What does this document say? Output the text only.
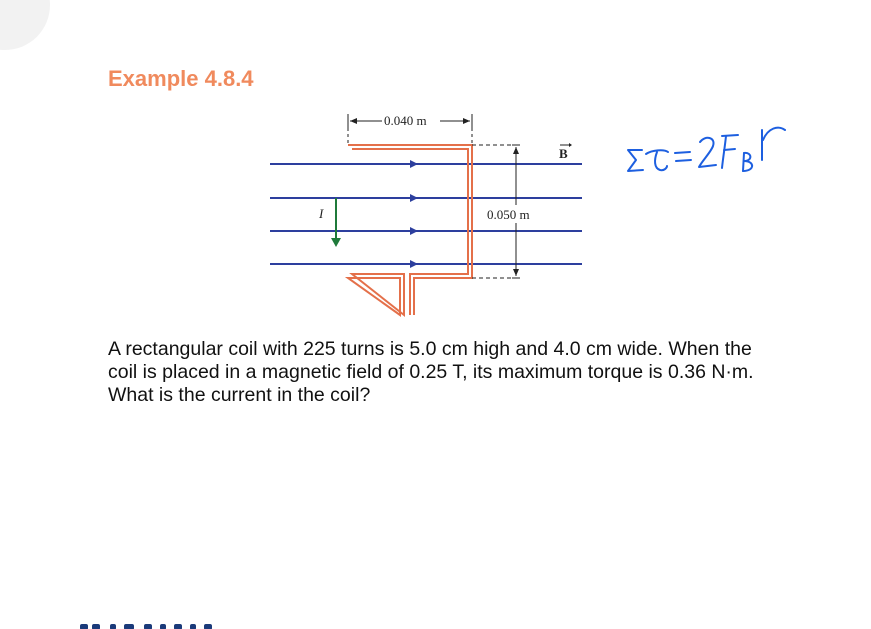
Example 4.8.4
0.040 m
0.050 m
B
I
Στ = 2F_B r
A rectangular coil with 225 turns is 5.0 cm high and 4.0 cm wide. When the coil is placed in a magnetic field of 0.25 T, its maximum torque is 0.36 N·m. What is the current in the coil?
